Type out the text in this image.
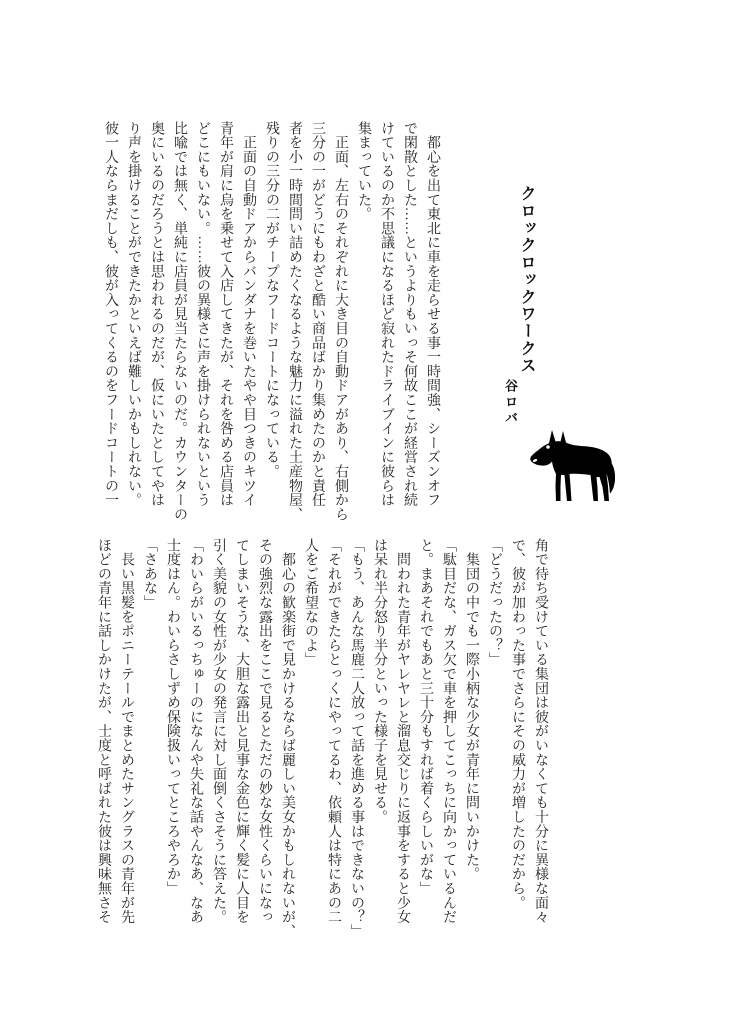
クロックロックワークス
谷ロバ
　都心を出て東北に車を走らせる事一時間強、シーズンオフ
で閑散とした……というよりもいっそ何故ここが経営され続
けているのか不思議になるほど寂れたドライブインに彼らは
集まっていた。
　正面、左右のそれぞれに大き目の自動ドアがあり、右側から
三分の一がどうにもわざと酷い商品ばかり集めたのかと責任
者を小一時間問い詰めたくなるような魅力に溢れた土産物屋、
残りの三分の二がチープなフードコートになっている。
　正面の自動ドアからバンダナを巻いたやや目つきのキツイ
青年が肩に烏を乗せて入店してきたが、それを咎める店員は
どこにもいない。……彼の異様さに声を掛けられないという
比喩では無く、単純に店員が見当たらないのだ。カウンターの
奥にいるのだろうとは思われるのだが、仮にいたとしてやは
り声を掛けることができたかといえば難しいかもしれない。
彼一人ならまだしも、彼が入ってくるのをフードコートの一
角で待ち受けている集団は彼がいなくても十分に異様な面々
で、彼が加わった事でさらにその威力が増したのだから。
「どうだったの？」
　集団の中でも一際小柄な少女が青年に問いかけた。
「駄目だな、ガス欠で車を押してこっちに向かっているんだ
と。まあそれでもあと三十分もすれば着くらしいがな」
　問われた青年がヤレヤレと溜息交じりに返事をすると少女
は呆れ半分怒り半分といった様子を見せる。
「もう、あんな馬鹿二人放って話を進める事はできないの？」
「それができたらとっくにやってるわ、依頼人は特にあの二
人をご希望なのよ」
　都心の歓楽街で見かけるならば麗しい美女かもしれないが、
その強烈な露出をここで見るとただの妙な女性くらいになっ
てしまいそうな、大胆な露出と見事な金色に輝く髪に人目を
引く美貌の女性が少女の発言に対し面倒くさそうに答えた。
「わいらがいるっちゅーのになんや失礼な話やんなあ、なあ
士度はん。わいらさしずめ保険扱いってところやろか」
「さあな」
　長い黒髪をポニーテールでまとめたサングラスの青年が先
ほどの青年に話しかけたが、士度と呼ばれた彼は興味無さそ
